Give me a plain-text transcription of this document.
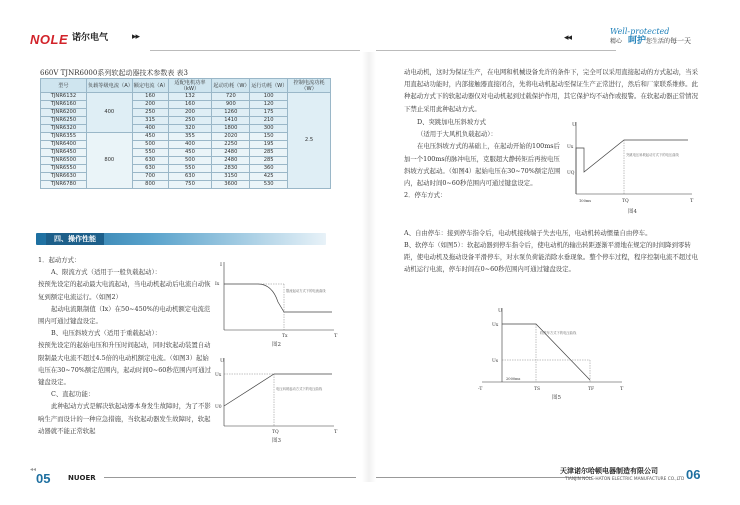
NOLE 诺尔电气	▸▸	◂◂
Well-protected
精心 呵护 您生活的 每一天
660V TJNR6000系列软起动器技术参数表 表3
型号	负载等级电流（A）	额定电流（A）	适配电机功率（kW）	起动功耗（W）	运行功耗（W）	控制电流功耗（W）
TJNR6132	400	160	132	720	100	2.5
TJNR6160		200	160	900	120	
TJNR6200		250	200	1260	175	
TJNR6250		315	250	1410	210	
TJNR6320		400	320	1800	300	
TJNR6355	800	450	355	2020	150	
TJNR6400		500	400	2250	195	
TJNR6450		550	450	2480	285	
TJNR6500		630	500	2480	285	
TJNR6550		630	550	2830	360	
TJNR6630		700	630	3150	425	
TJNR6780		800	750	3600	530	
四、操作性能

1．起动方式：

A、限流方式（适用于一般负载起动）：

按预先设定的起动最大电流起动，当电动机起动后电流自动恢复到额定电流运行。（如图2）

起动电流限制值（Ix）在50~450%的电动机额定电流范围内可通过键盘设定。

B、电压斜坡方式（适用于重载起动）：

按预先设定的起始电压和升压时间起动，同时软起动装置自动限制最大电流不超过4.5倍的电动机额定电流。（如图3）起始电压在30~70%额定范围内，起动时间0~60秒范围内可通过键盘设定。

C、直起功能：

此种起动方式是解决软起动器本身发生故障时，为了不影响生产而设计的一种应急措施，当软起动器发生故障时，软起动器就不能正常软起

I
T
Ix
Tx
限流起动方式下的电流曲线
图2
U
T
Ux
U0
TQ
电压斜坡起动方式下的电压曲线
图3

动电动机，这时为保证生产，在电网和机械设备允许的条件下，完全可以采用直接起动的方式起动，当采用直起动功能时，内部接触器直接闭合，先将电动机起动至保证生产正常进行，然后和厂家联系维修。此种起动方式下的软起动器仅对电动机起到过载保护作用，其它保护均不动作或报警。在软起动器正常情况下禁止采用此种起动方式。

D、突跳加电压斜坡方式

（适用于大风机负载起动）：

在电压斜坡方式的基础上，在起动开始的100ms后加一个100ms的脉冲电压，克服超大静转矩后再按电压斜坡方式起动。（如图4）起始电压在30~70%额定范围内，起动时间0~60秒范围内可通过键盘设定。

2．停车方式：

U
T
Ux
UQ
100ms	TQ
突跳电压斜坡起动方式下的电压曲线
图4

A、自由停车：接到停车指令后，电动机接线端子失去电压，电动机转动惯量自由停车。

B、软停车（如图5）：软起动器到停车指令后，使电动机的输出转距逐渐平滑地在规定的时间降到零转距，使电动机及拖动设备平滑停车，对水泵负荷能消除水垂现象。整个停车过程，程序控制电流不超过电动机运行电流，停车时间在0~60秒范围内可通过键盘设定。

U
T
Ux
Us
-T
2000ms
TS	TF
软停车方式下的电压曲线
图5
◂◂
05	NUOER
天津诺尔哈顿电器制造有限公司
TIANJIN NOLE-HATON ELECTRIC MANUFACTURE CO.,LTD 06
